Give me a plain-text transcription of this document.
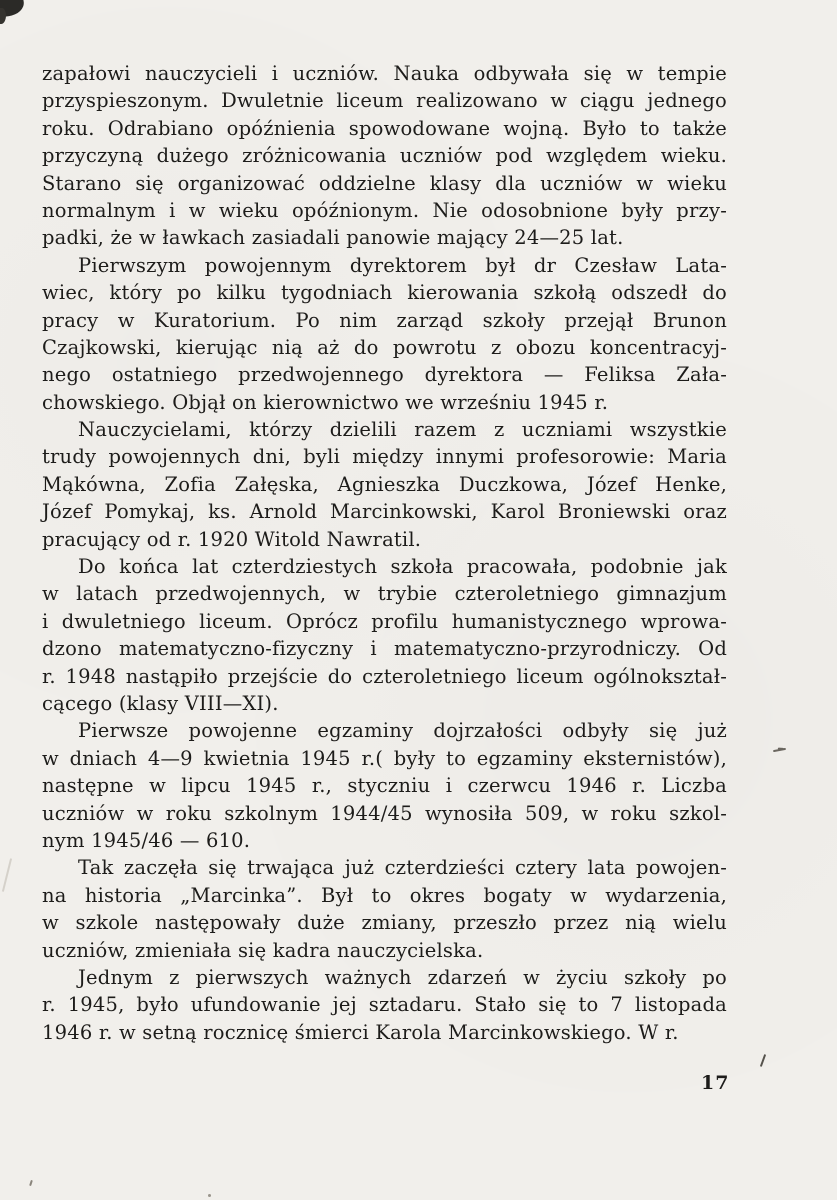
zapałowi nauczycieli i uczniów. Nauka odbywała się w tempie
przyspieszonym. Dwuletnie liceum realizowano w ciągu jednego
roku. Odrabiano opóźnienia spowodowane wojną. Było to także
przyczyną dużego zróżnicowania uczniów pod względem wieku.
Starano się organizować oddzielne klasy dla uczniów w wieku
normalnym i w wieku opóźnionym. Nie odosobnione były przy-
padki, że w ławkach zasiadali panowie mający 24—25 lat.
Pierwszym powojennym dyrektorem był dr Czesław Lata-
wiec, który po kilku tygodniach kierowania szkołą odszedł do
pracy w Kuratorium. Po nim zarząd szkoły przejął Brunon
Czajkowski, kierując nią aż do powrotu z obozu koncentracyj-
nego ostatniego przedwojennego dyrektora — Feliksa Zała-
chowskiego. Objął on kierownictwo we wrześniu 1945 r.
Nauczycielami, którzy dzielili razem z uczniami wszystkie
trudy powojennych dni, byli między innymi profesorowie: Maria
Mąkówna, Zofia Załęska, Agnieszka Duczkowa, Józef Henke,
Józef Pomykaj, ks. Arnold Marcinkowski, Karol Broniewski oraz
pracujący od r. 1920 Witold Nawratil.
Do końca lat czterdziestych szkoła pracowała, podobnie jak
w latach przedwojennych, w trybie czteroletniego gimnazjum
i dwuletniego liceum. Oprócz profilu humanistycznego wprowa-
dzono matematyczno-fizyczny i matematyczno-przyrodniczy. Od
r. 1948 nastąpiło przejście do czteroletniego liceum ogólnokształ-
cącego (klasy VIII—XI).
Pierwsze powojenne egzaminy dojrzałości odbyły się już
w dniach 4—9 kwietnia 1945 r.( były to egzaminy eksternistów),
następne w lipcu 1945 r., styczniu i czerwcu 1946 r. Liczba
uczniów w roku szkolnym 1944/45 wynosiła 509, w roku szkol-
nym 1945/46 — 610.
Tak zaczęła się trwająca już czterdzieści cztery lata powojen-
na historia „Marcinka”. Był to okres bogaty w wydarzenia,
w szkole następowały duże zmiany, przeszło przez nią wielu
uczniów, zmieniała się kadra nauczycielska.
Jednym z pierwszych ważnych zdarzeń w życiu szkoły po
r. 1945, było ufundowanie jej sztadaru. Stało się to 7 listopada
1946 r. w setną rocznicę śmierci Karola Marcinkowskiego. W r.
17
